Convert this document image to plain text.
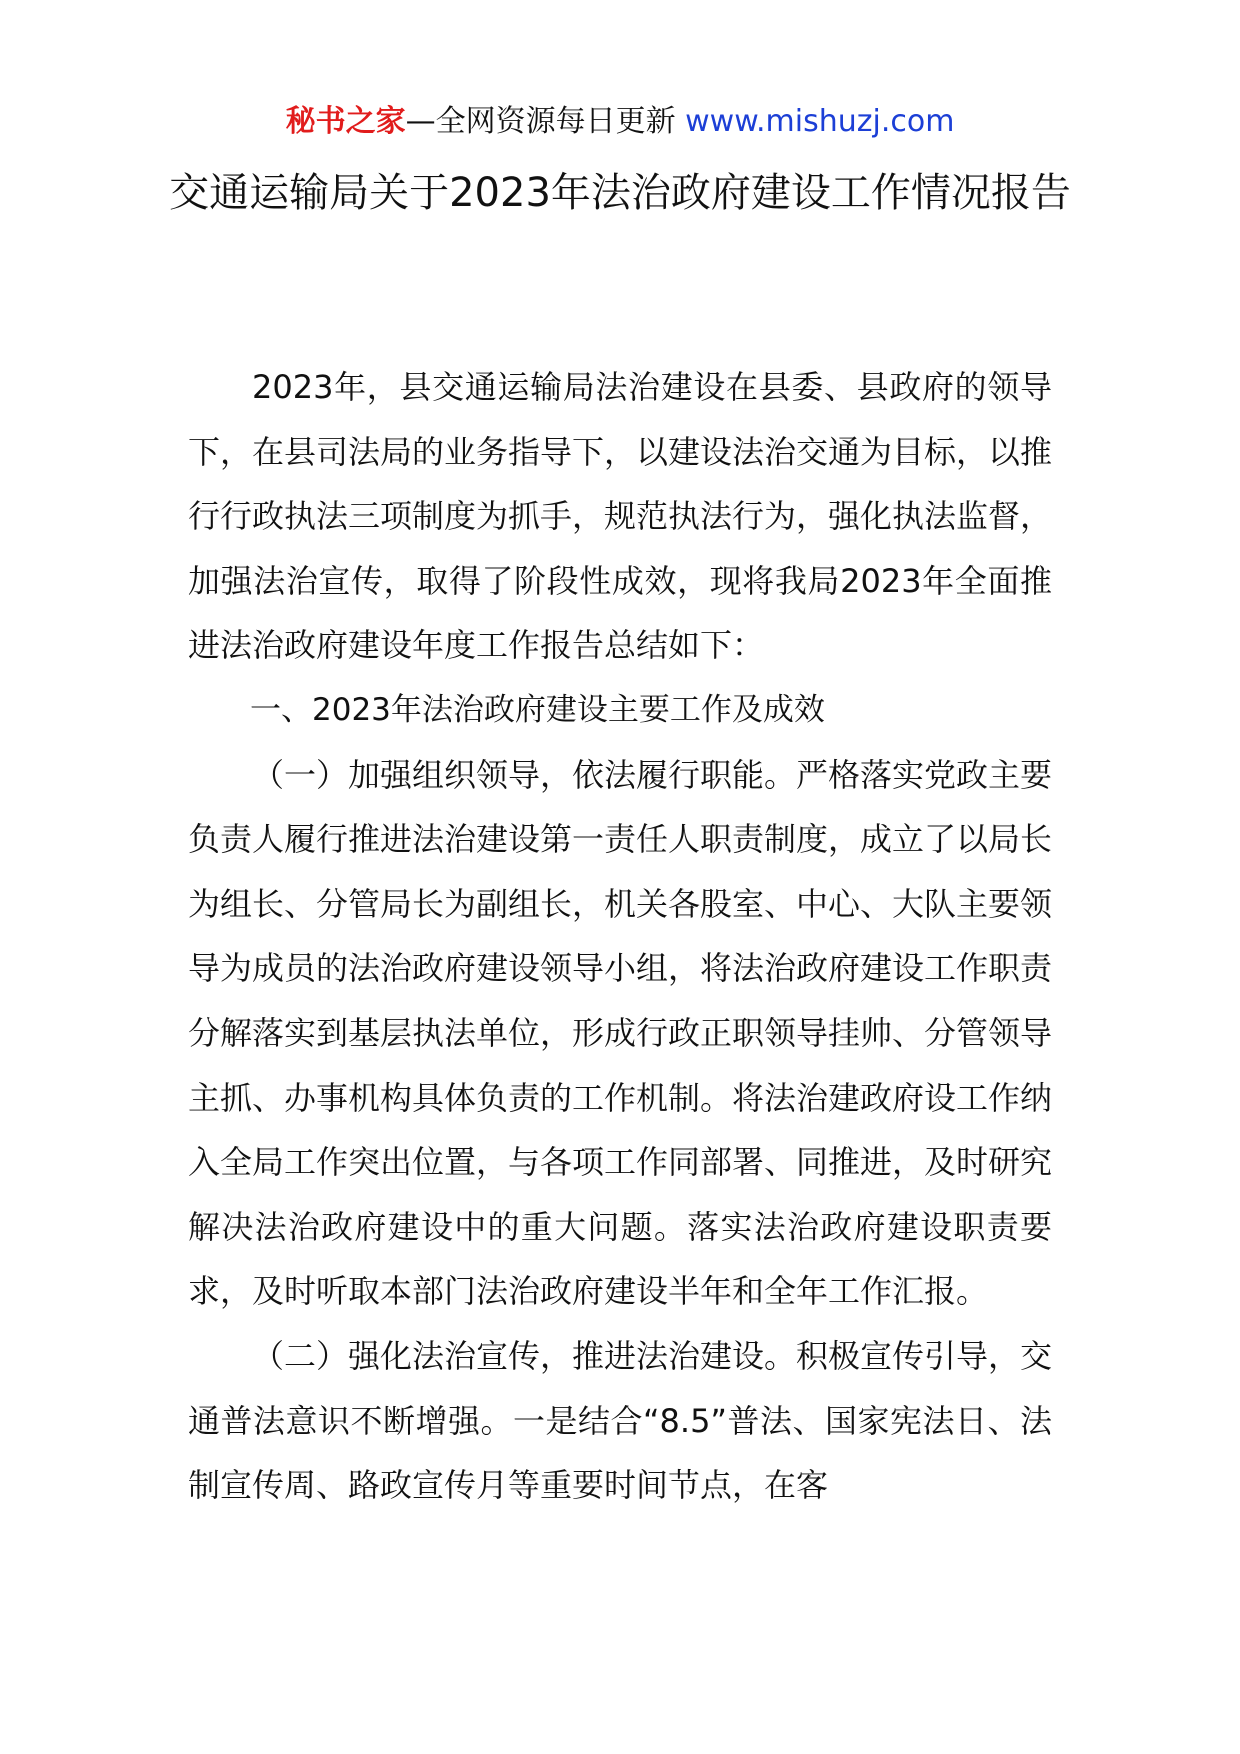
秘书之家—全网资源每日更新 www.mishuzj.com
交通运输局关于2023年法治政府建设工作情况报告

2023年，县交通运输局法治建设在县委、县政府的领导下，在县司法局的业务指导下，以建设法治交通为目标，以推行行政执法三项制度为抓手，规范执法行为，强化执法监督，加强法治宣传，取得了阶段性成效，现将我局2023年全面推进法治政府建设年度工作报告总结如下：

一、2023年法治政府建设主要工作及成效

（一）加强组织领导，依法履行职能。严格落实党政主要负责人履行推进法治建设第一责任人职责制度，成立了以局长为组长、分管局长为副组长，机关各股室、中心、大队主要领导为成员的法治政府建设领导小组，将法治政府建设工作职责分解落实到基层执法单位，形成行政正职领导挂帅、分管领导主抓、办事机构具体负责的工作机制。将法治建政府设工作纳入全局工作突出位置，与各项工作同部署、同推进，及时研究解决法治政府建设中的重大问题。落实法治政府建设职责要求，及时听取本部门法治政府建设半年和全年工作汇报。

（二）强化法治宣传，推进法治建设。积极宣传引导，交通普法意识不断增强。一是结合“8.5”普法、国家宪法日、法制宣传周、路政宣传月等重要时间节点，在客
